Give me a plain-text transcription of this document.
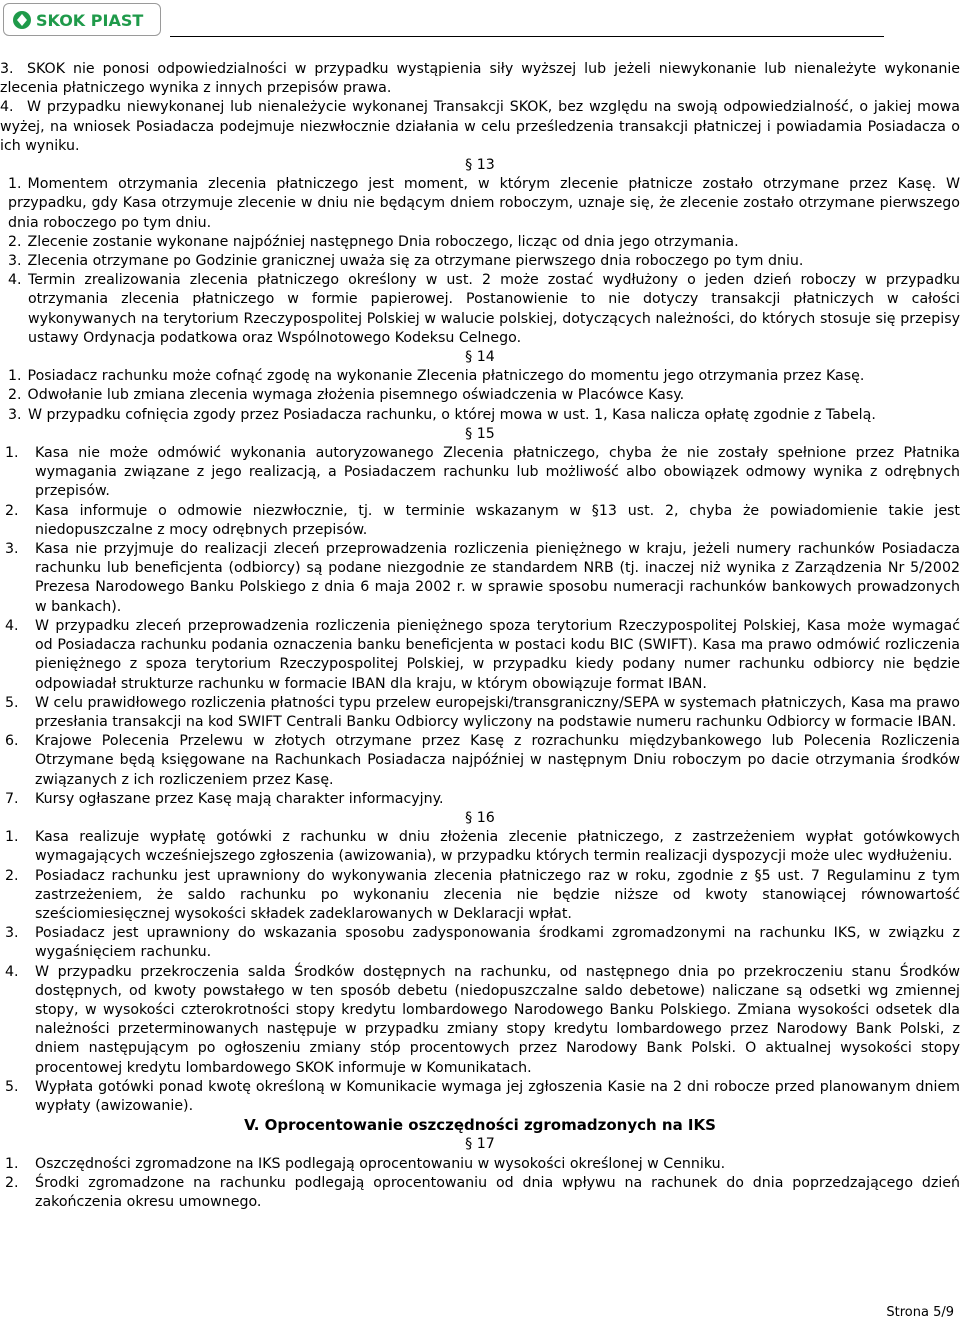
SKOK PIAST
3. SKOK nie ponosi odpowiedzialności w przypadku wystąpienia siły wyższej lub jeżeli niewykonanie lub nienależyte wykonanie zlecenia płatniczego wynika z innych przepisów prawa.
4. W przypadku niewykonanej lub nienależycie wykonanej Transakcji SKOK, bez względu na swoją odpowiedzialność, o jakiej mowa wyżej, na wniosek Posiadacza podejmuje niezwłocznie działania w celu prześledzenia transakcji płatniczej i powiadamia Posiadacza o ich wyniku.
§ 13
1. Momentem otrzymania zlecenia płatniczego jest moment, w którym zlecenie płatnicze zostało otrzymane przez Kasę. W przypadku, gdy Kasa otrzymuje zlecenie w dniu nie będącym dniem roboczym, uznaje się, że zlecenie zostało otrzymane pierwszego dnia roboczego po tym dniu.
2. Zlecenie zostanie wykonane najpóźniej następnego Dnia roboczego, licząc od dnia jego otrzymania.
3. Zlecenia otrzymane po Godzinie granicznej uważa się za otrzymane pierwszego dnia roboczego po tym dniu.
4. Termin zrealizowania zlecenia płatniczego określony w ust. 2 może zostać wydłużony o jeden dzień roboczy w przypadku otrzymania zlecenia płatniczego w formie papierowej. Postanowienie to nie dotyczy transakcji płatniczych w całości wykonywanych na terytorium Rzeczypospolitej Polskiej w walucie polskiej, dotyczących należności, do których stosuje się przepisy ustawy Ordynacja podatkowa oraz Wspólnotowego Kodeksu Celnego.
§ 14
1. Posiadacz rachunku może cofnąć zgodę na wykonanie Zlecenia płatniczego do momentu jego otrzymania przez Kasę.
2. Odwołanie lub zmiana zlecenia wymaga złożenia pisemnego oświadczenia w Placówce Kasy.
3. W przypadku cofnięcia zgody przez Posiadacza rachunku, o której mowa w ust. 1, Kasa nalicza opłatę zgodnie z Tabelą.
§ 15
1. Kasa nie może odmówić wykonania autoryzowanego Zlecenia płatniczego, chyba że nie zostały spełnione przez Płatnika wymagania związane z jego realizacją, a Posiadaczem rachunku lub możliwość albo obowiązek odmowy wynika z odrębnych przepisów.
2. Kasa informuje o odmowie niezwłocznie, tj. w terminie wskazanym w §13 ust. 2, chyba że powiadomienie takie jest niedopuszczalne z mocy odrębnych przepisów.
3. Kasa nie przyjmuje do realizacji zleceń przeprowadzenia rozliczenia pieniężnego w kraju, jeżeli numery rachunków Posiadacza rachunku lub beneficjenta (odbiorcy) są podane niezgodnie ze standardem NRB (tj. inaczej niż wynika z Zarządzenia Nr 5/2002 Prezesa Narodowego Banku Polskiego z dnia 6 maja 2002 r. w sprawie sposobu numeracji rachunków bankowych prowadzonych w bankach).
4. W przypadku zleceń przeprowadzenia rozliczenia pieniężnego spoza terytorium Rzeczypospolitej Polskiej, Kasa może wymagać od Posiadacza rachunku podania oznaczenia banku beneficjenta w postaci kodu BIC (SWIFT). Kasa ma prawo odmówić rozliczenia pieniężnego z spoza terytorium Rzeczypospolitej Polskiej, w przypadku kiedy podany numer rachunku odbiorcy nie będzie odpowiadał strukturze rachunku w formacie IBAN dla kraju, w którym obowiązuje format IBAN.
5. W celu prawidłowego rozliczenia płatności typu przelew europejski/transgraniczny/SEPA w systemach płatniczych, Kasa ma prawo przesłania transakcji na kod SWIFT Centrali Banku Odbiorcy wyliczony na podstawie numeru rachunku Odbiorcy w formacie IBAN.
6. Krajowe Polecenia Przelewu w złotych otrzymane przez Kasę z rozrachunku międzybankowego lub Polecenia Rozliczenia Otrzymane będą księgowane na Rachunkach Posiadacza najpóźniej w następnym Dniu roboczym po dacie otrzymania środków związanych z ich rozliczeniem przez Kasę.
7. Kursy ogłaszane przez Kasę mają charakter informacyjny.
§ 16
1. Kasa realizuje wypłatę gotówki z rachunku w dniu złożenia zlecenie płatniczego, z zastrzeżeniem wypłat gotówkowych wymagających wcześniejszego zgłoszenia (awizowania), w przypadku których termin realizacji dyspozycji może ulec wydłużeniu.
2. Posiadacz rachunku jest uprawniony do wykonywania zlecenia płatniczego raz w roku, zgodnie z §5 ust. 7 Regulaminu z tym zastrzeżeniem, że saldo rachunku po wykonaniu zlecenia nie będzie niższe od kwoty stanowiącej równowartość sześciomiesięcznej wysokości składek zadeklarowanych w Deklaracji wpłat.
3. Posiadacz jest uprawniony do wskazania sposobu zadysponowania środkami zgromadzonymi na rachunku IKS, w związku z wygaśnięciem rachunku.
4. W przypadku przekroczenia salda Środków dostępnych na rachunku, od następnego dnia po przekroczeniu stanu Środków dostępnych, od kwoty powstałego w ten sposób debetu (niedopuszczalne saldo debetowe) naliczane są odsetki wg zmiennej stopy, w wysokości czterokrotności stopy kredytu lombardowego Narodowego Banku Polskiego. Zmiana wysokości odsetek dla należności przeterminowanych następuje w przypadku zmiany stopy kredytu lombardowego przez Narodowy Bank Polski, z dniem następującym po ogłoszeniu zmiany stóp procentowych przez Narodowy Bank Polski. O aktualnej wysokości stopy procentowej kredytu lombardowego SKOK informuje w Komunikatach.
5. Wypłata gotówki ponad kwotę określoną w Komunikacie wymaga jej zgłoszenia Kasie na 2 dni robocze przed planowanym dniem wypłaty (awizowanie).
V. Oprocentowanie oszczędności zgromadzonych na IKS
§ 17
1. Oszczędności zgromadzone na IKS podlegają oprocentowaniu w wysokości określonej w Cenniku.
2. Środki zgromadzone na rachunku podlegają oprocentowaniu od dnia wpływu na rachunek do dnia poprzedzającego dzień zakończenia okresu umownego.
Strona 5/9
